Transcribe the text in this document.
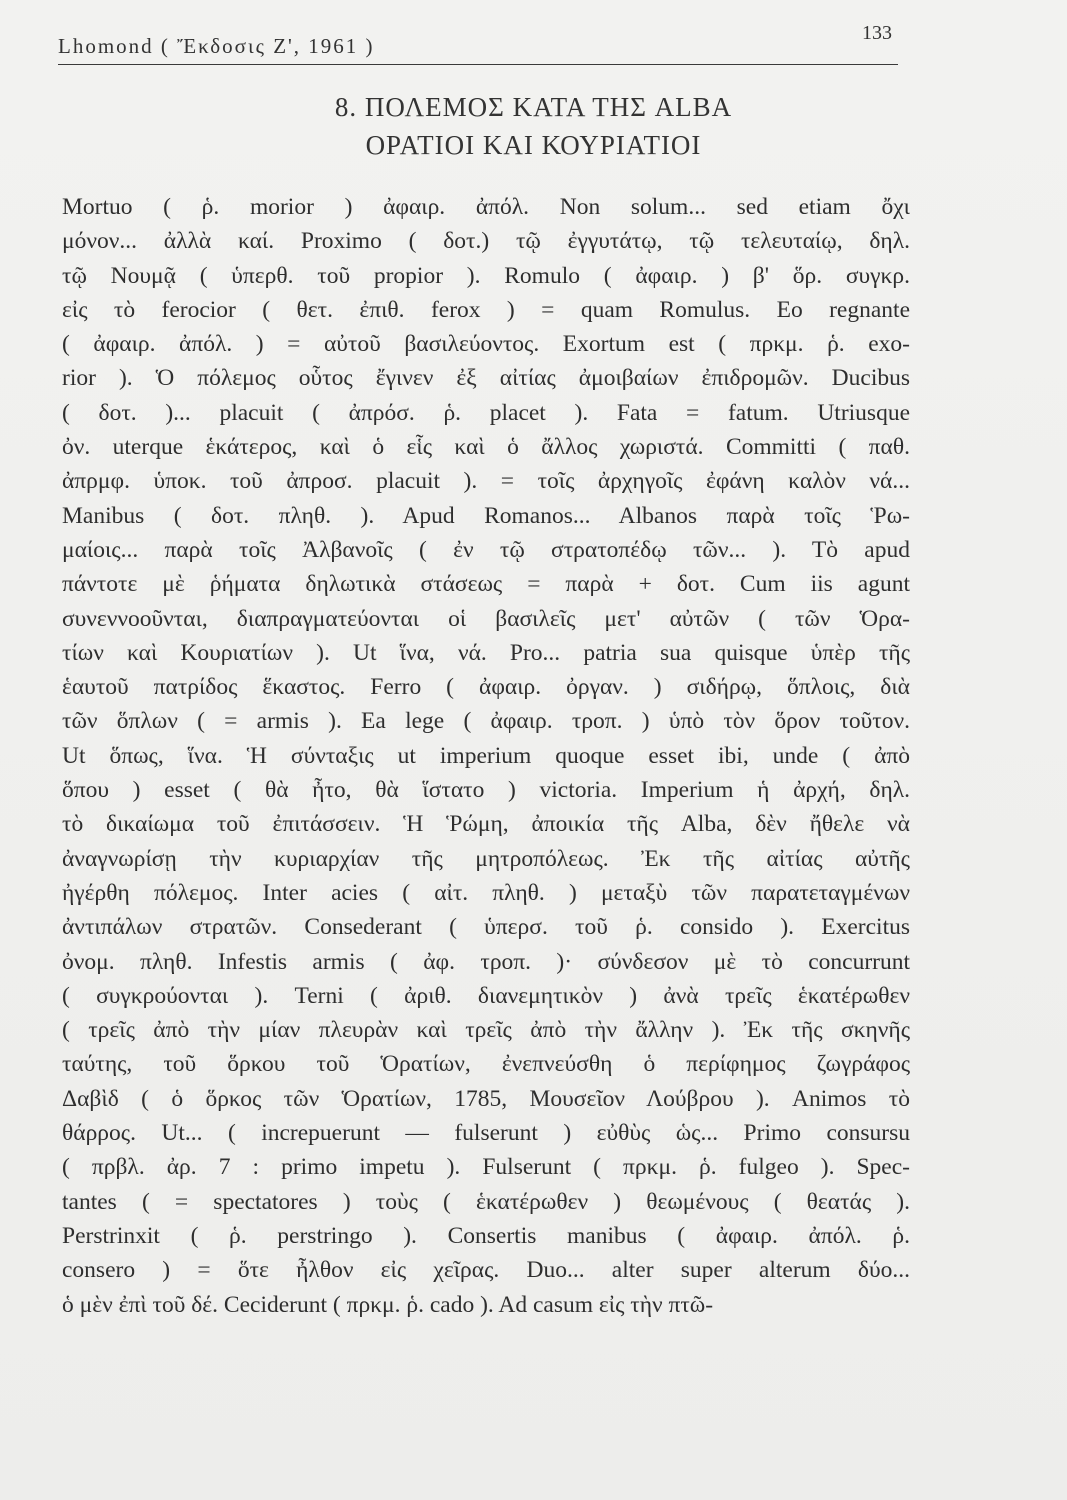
Lhomond ( Ἔκδοσις Ζ', 1961 )
133
8. ΠΟΛΕΜΟΣ ΚΑΤΑ ΤΗΣ ALBA
ΟΡΑΤΙΟΙ ΚΑΙ ΚΟΥΡΙΑΤΙΟΙ
Mortuo ( ῥ. morior ) ἀφαιρ. ἀπόλ. Non solum... sed etiam ὄχι
μόνον... ἀλλὰ καί. Proximo ( δοτ.) τῷ ἐγγυτάτῳ, τῷ τελευταίῳ, δηλ.
τῷ Νουμᾷ ( ὑπερθ. τοῦ propior ). Romulo ( ἀφαιρ. ) β' ὅρ. συγκρ.
εἰς τὸ ferocior ( θετ. ἐπιθ. ferox ) = quam Romulus. Eo regnante
( ἀφαιρ. ἀπόλ. ) = αὐτοῦ βασιλεύοντος. Exortum est ( πρκμ. ῥ. exo-
rior ). Ὁ πόλεμος οὗτος ἔγινεν ἐξ αἰτίας ἀμοιβαίων ἐπιδρομῶν. Ducibus
( δοτ. )... placuit ( ἀπρόσ. ῥ. placet ). Fata = fatum. Utriusque
ὀν. uterque ἑκάτερος, καὶ ὁ εἷς καὶ ὁ ἄλλος χωριστά. Committi ( παθ.
ἀπρμφ. ὑποκ. τοῦ ἀπροσ. placuit ). = τοῖς ἀρχηγοῖς ἐφάνη καλὸν νά...
Manibus ( δοτ. πληθ. ). Apud Romanos... Albanos παρὰ τοῖς Ῥω-
μαίοις... παρὰ τοῖς Ἀλβανοῖς ( ἐν τῷ στρατοπέδῳ τῶν... ). Τὸ apud
πάντοτε μὲ ῥήματα δηλωτικὰ στάσεως = παρὰ + δοτ. Cum iis agunt
συνεννοοῦνται, διαπραγματεύονται οἱ βασιλεῖς μετ' αὐτῶν ( τῶν Ὁρα-
τίων καὶ Κουριατίων ). Ut ἵνα, νά. Pro... patria sua quisque ὑπὲρ τῆς
ἑαυτοῦ πατρίδος ἕκαστος. Ferro ( ἀφαιρ. ὀργαν. ) σιδήρῳ, ὅπλοις, διὰ
τῶν ὅπλων ( = armis ). Ea lege ( ἀφαιρ. τροπ. ) ὑπὸ τὸν ὅρον τοῦτον.
Ut ὅπως, ἵνα. Ἡ σύνταξις ut imperium quoque esset ibi, unde ( ἀπὸ
ὅπου ) esset ( θὰ ἦτο, θὰ ἵστατο ) victoria. Imperium ἡ ἀρχή, δηλ.
τὸ δικαίωμα τοῦ ἐπιτάσσειν. Ἡ Ῥώμη, ἀποικία τῆς Alba, δὲν ἤθελε νὰ
ἀναγνωρίσῃ τὴν κυριαρχίαν τῆς μητροπόλεως. Ἐκ τῆς αἰτίας αὐτῆς
ἠγέρθη πόλεμος. Inter acies ( αἰτ. πληθ. ) μεταξὺ τῶν παρατεταγμένων
ἀντιπάλων στρατῶν. Consederant ( ὑπερσ. τοῦ ῥ. consido ). Exercitus
ὀνομ. πληθ. Infestis armis ( ἀφ. τροπ. )· σύνδεσον μὲ τὸ concurrunt
( συγκρούονται ). Terni ( ἀριθ. διανεμητικὸν ) ἀνὰ τρεῖς ἑκατέρωθεν
( τρεῖς ἀπὸ τὴν μίαν πλευρὰν καὶ τρεῖς ἀπὸ τὴν ἄλλην ). Ἐκ τῆς σκηνῆς
ταύτης, τοῦ ὅρκου τοῦ Ὁρατίων, ἐνεπνεύσθη ὁ περίφημος ζωγράφος
Δαβὶδ ( ὁ ὅρκος τῶν Ὁρατίων, 1785, Μουσεῖον Λούβρου ). Animos τὸ
θάρρος. Ut... ( increpuerunt — fulserunt ) εὐθὺς ὡς... Primo consursu
( πρβλ. ἀρ. 7 : primo impetu ). Fulserunt ( πρκμ. ῥ. fulgeo ). Spec-
tantes ( = spectatores ) τοὺς ( ἑκατέρωθεν ) θεωμένους ( θεατάς ).
Perstrinxit ( ῥ. perstringo ). Consertis manibus ( ἀφαιρ. ἀπόλ. ῥ.
consero ) = ὅτε ἦλθον εἰς χεῖρας. Duo... alter super alterum δύο...
ὁ μὲν ἐπὶ τοῦ δέ. Ceciderunt ( πρκμ. ῥ. cado ). Ad casum εἰς τὴν πτῶ-
